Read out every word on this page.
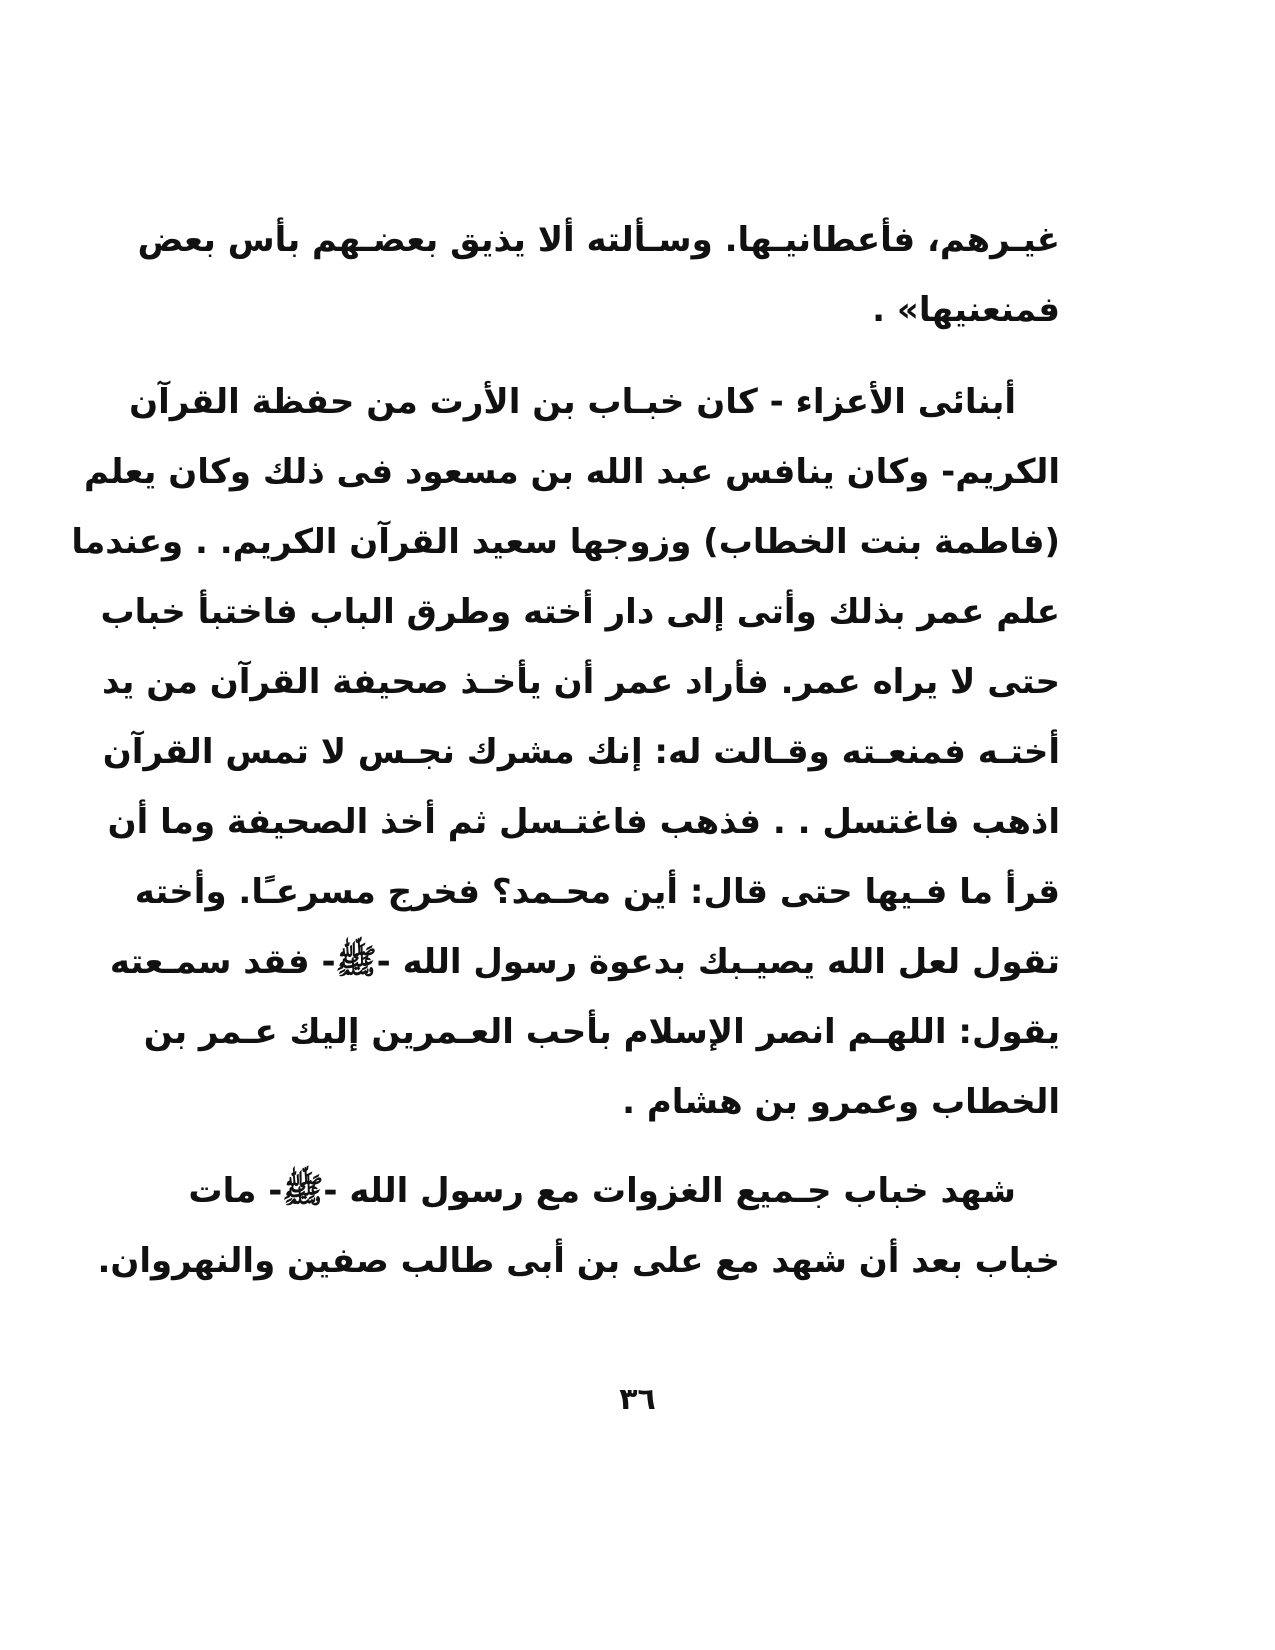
غيـرهم، فأعطانيـها. وسـألته ألا يذيق بعضـهم بأس بعض
فمنعنيها» .
أبنائى الأعزاء - كان خبـاب بن الأرت من حفظة القرآن
الكريم- وكان ينافس عبد الله بن مسعود فى ذلك وكان يعلم
(فاطمة بنت الخطاب) وزوجها سعيد القرآن الكريم. . وعندما
علم عمر بذلك وأتى إلى دار أخته وطرق الباب فاختبأ خباب
حتى لا يراه عمر. فأراد عمر أن يأخـذ صحيفة القرآن من يد
أختـه فمنعـته وقـالت له: إنك مشرك نجـس لا تمس القرآن
اذهب فاغتسل . . فذهب فاغتـسل ثم أخذ الصحيفة وما أن
قرأ ما فـيها حتى قال: أين محـمد؟ فخرج مسرعـًا. وأخته
تقول لعل الله يصيـبك بدعوة رسول الله -ﷺ- فقد سمـعته
يقول: اللهـم انصر الإسلام بأحب العـمرين إليك عـمر بن
الخطاب وعمرو بن هشام .
شهد خباب جـميع الغزوات مع رسول الله -ﷺ- مات
خباب بعد أن شهد مع على بن أبى طالب صفين والنهروان.
٣٦
